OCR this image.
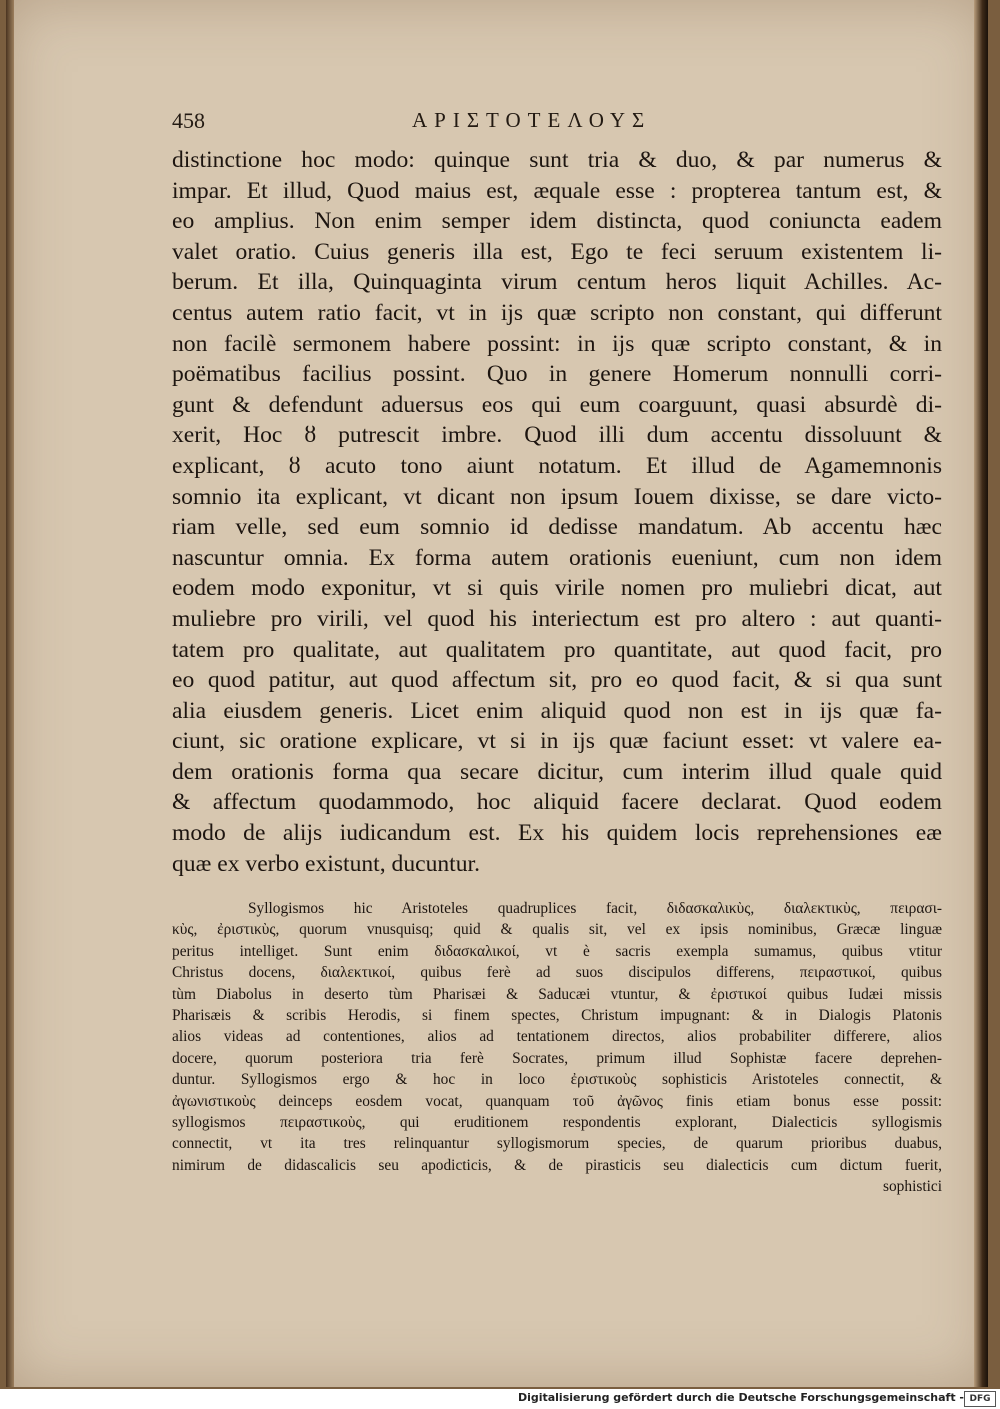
458	ΑΡΙΣΤΟΤΕΛΟΥΣ
distinctione hoc modo: quinque sunt tria & duo, & par numerus &
impar. Et illud, Quod maius est, æquale esse : propterea tantum est, &
eo amplius. Non enim semper idem distincta, quod coniuncta eadem
valet oratio. Cuius generis illa est, Ego te feci seruum existentem li-
berum. Et illa, Quinquaginta virum centum heros liquit Achilles. Ac-
centus autem ratio facit, vt in ijs quæ scripto non constant, qui differunt
non facilè sermonem habere possint: in ijs quæ scripto constant, & in
poëmatibus facilius possint. Quo in genere Homerum nonnulli corri-
gunt & defendunt aduersus eos qui eum coarguunt, quasi absurdè di-
xerit, Hoc ȣ putrescit imbre. Quod illi dum accentu dissoluunt &
explicant, ȣ acuto tono aiunt notatum. Et illud de Agamemnonis
somnio ita explicant, vt dicant non ipsum Iouem dixisse, se dare victo-
riam velle, sed eum somnio id dedisse mandatum. Ab accentu hæc
nascuntur omnia. Ex forma autem orationis eueniunt, cum non idem
eodem modo exponitur, vt si quis virile nomen pro muliebri dicat, aut
muliebre pro virili, vel quod his interiectum est pro altero : aut quanti-
tatem pro qualitate, aut qualitatem pro quantitate, aut quod facit, pro
eo quod patitur, aut quod affectum sit, pro eo quod facit, & si qua sunt
alia eiusdem generis. Licet enim aliquid quod non est in ijs quæ fa-
ciunt, sic oratione explicare, vt si in ijs quæ faciunt esset: vt valere ea-
dem orationis forma qua secare dicitur, cum interim illud quale quid
& affectum quodammodo, hoc aliquid facere declarat. Quod eodem
modo de alijs iudicandum est. Ex his quidem locis reprehensiones eæ
quæ ex verbo existunt, ducuntur.
Syllogismos hic Aristoteles quadruplices facit, διδασκαλικὺς, διαλεκτικὺς, πειρασι-
κὺς, ἐριστικὺς, quorum vnusquisq; quid & qualis sit, vel ex ipsis nominibus, Græcæ linguæ
peritus intelliget. Sunt enim διδασκαλικοί, vt è sacris exempla sumamus, quibus vtitur
Christus docens, διαλεκτικοί, quibus ferè ad suos discipulos differens, πειραστικοί, quibus
tùm Diabolus in deserto tùm Pharisæi & Saducæi vtuntur, & ἐριστικοί quibus Iudæi missis
Pharisæis & scribis Herodis, si finem spectes, Christum impugnant: & in Dialogis Platonis
alios videas ad contentiones, alios ad tentationem directos, alios probabiliter differere, alios
docere, quorum posteriora tria ferè Socrates, primum illud Sophistæ facere deprehen-
duntur. Syllogismos ergo & hoc in loco ἐριστικοὺς sophisticis Aristoteles connectit, &
ἀγωνιστικοὺς deinceps eosdem vocat, quanquam τοῦ ἀγῶνος finis etiam bonus esse possit:
syllogismos πειραστικοὺς, qui eruditionem respondentis explorant, Dialecticis syllogismis
connectit, vt ita tres relinquantur syllogismorum species, de quarum prioribus duabus,
nimirum de didascalicis seu apodicticis, & de pirasticis seu dialecticis cum dictum fuerit,
sophistici
Digitalisierung gefördert durch die Deutsche Forschungsgemeinschaft - DFG
